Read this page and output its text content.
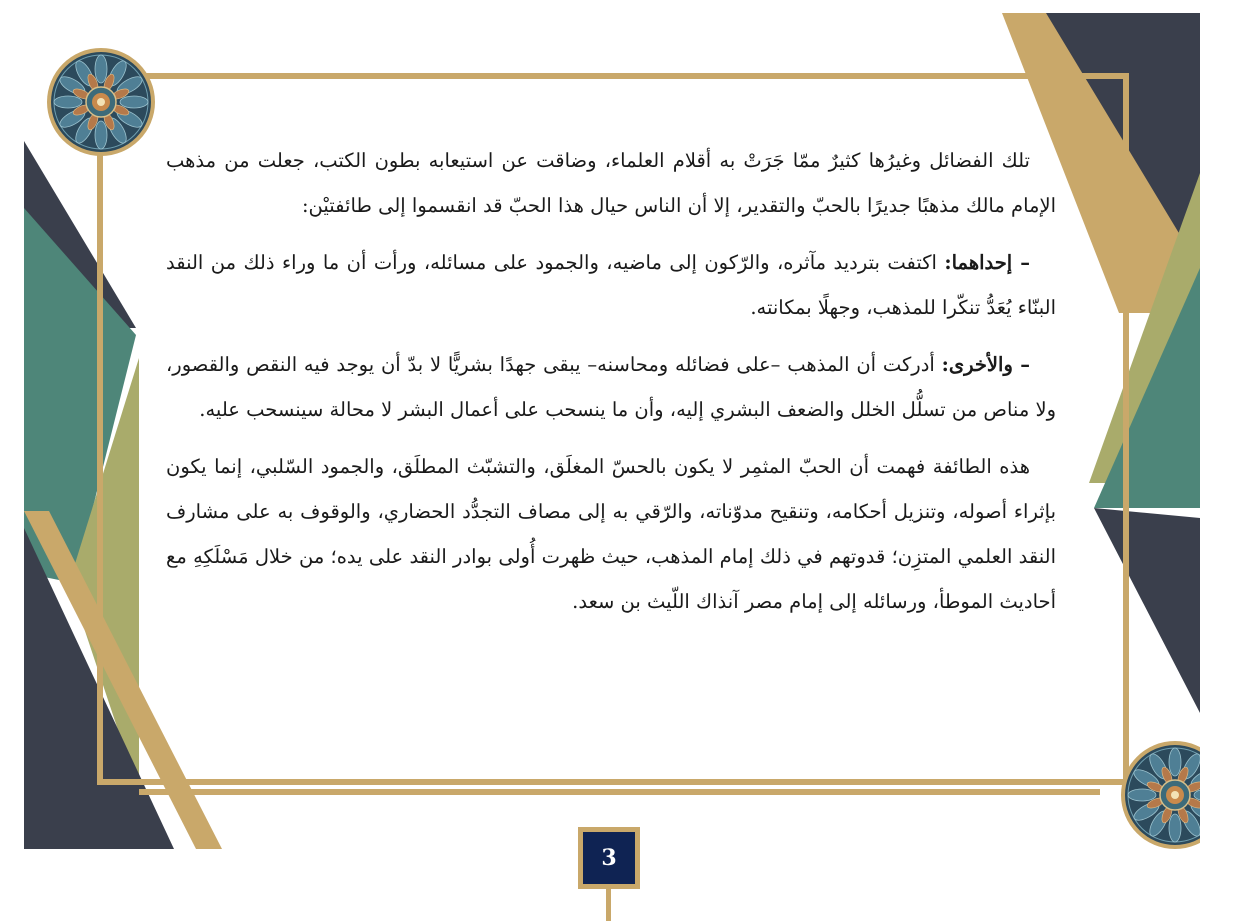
تلك الفضائل وغيرُها كثيرٌ ممّا جَرَتْ به أقلام العلماء، وضاقت عن استيعابه بطون الكتب، جعلت من مذهب الإمام مالك مذهبًا جديرًا بالحبّ والتقدير، إلا أن الناس حيال هذا الحبّ قد انقسموا إلى طائفتيْن:

– إحداهما: اكتفت بترديد مآثره، والرّكون إلى ماضيه، والجمود على مسائله، ورأت أن ما وراء ذلك من النقد البنّاء يُعَدُّ تنكّرا للمذهب، وجهلًا بمكانته.

– والأخرى: أدركت أن المذهب –على فضائله ومحاسنه– يبقى جهدًا بشريًّا لا بدّ أن يوجد فيه النقص والقصور، ولا مناص من تسلُّل الخلل والضعف البشري إليه، وأن ما ينسحب على أعمال البشر لا محالة سينسحب عليه.

هذه الطائفة فهمت أن الحبّ المثمِر لا يكون بالحسّ المغلَق، والتشبّث المطلَق، والجمود السّلبي، إنما يكون بإثراء أصوله، وتنزيل أحكامه، وتنقيح مدوّناته، والرّقي به إلى مصاف التجدُّد الحضاري، والوقوف به على مشارف النقد العلمي المتزِن؛ قدوتهم في ذلك إمام المذهب، حيث ظهرت أُولى بوادر النقد على يده؛ من خلال مَسْلَكِهِ مع أحاديث الموطأ، ورسائله إلى إمام مصر آنذاك اللّيث بن سعد.

3
